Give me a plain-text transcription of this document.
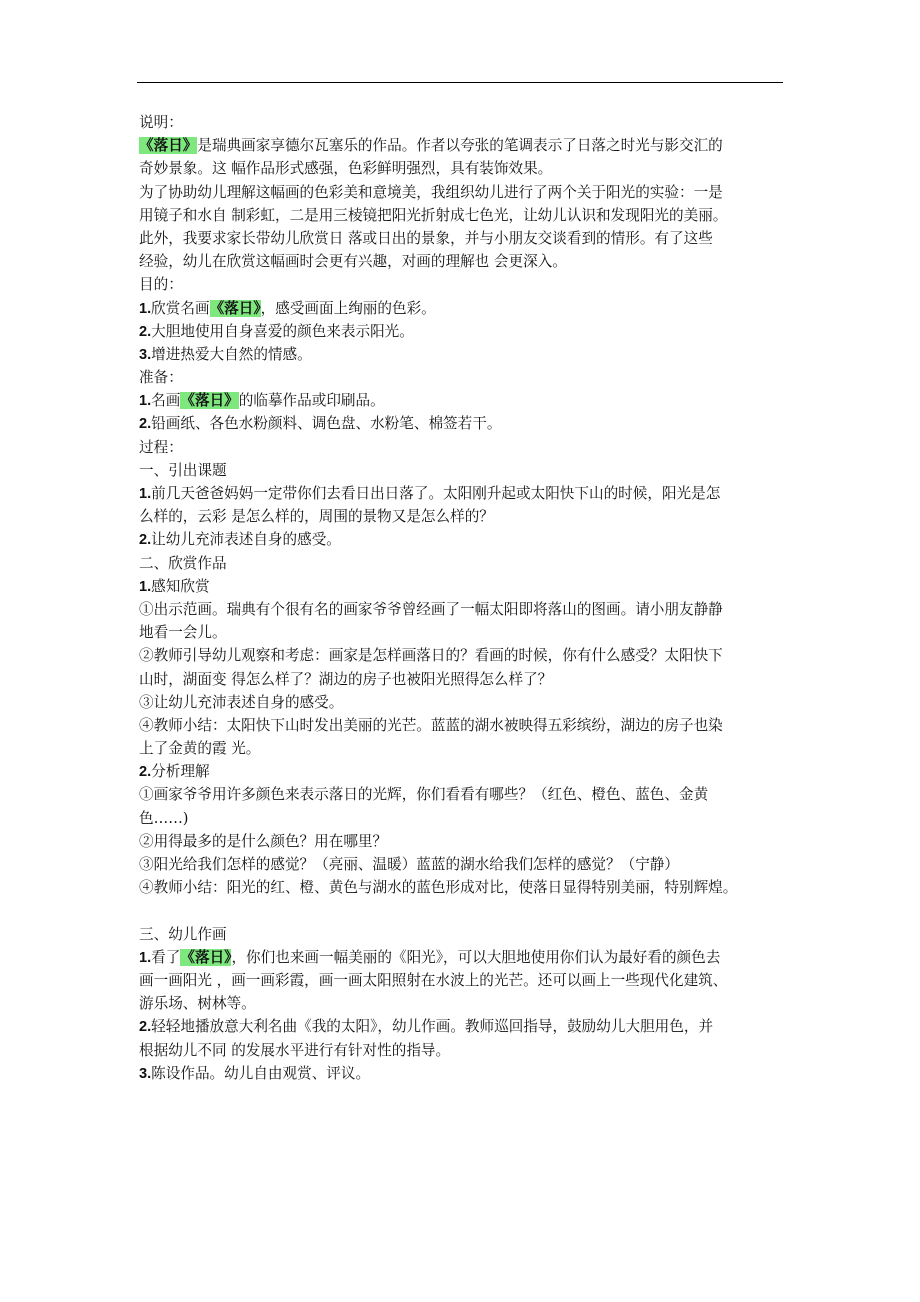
说明：
《落日》是瑞典画家享德尔瓦塞乐的作品。作者以夸张的笔调表示了日落之时光与影交汇的
奇妙景象。这 幅作品形式感强，色彩鲜明强烈，具有装饰效果。
为了协助幼儿理解这幅画的色彩美和意境美，我组织幼儿进行了两个关于阳光的实验：一是
用镜子和水自 制彩虹，二是用三棱镜把阳光折射成七色光，让幼儿认识和发现阳光的美丽。
此外，我要求家长带幼儿欣赏日 落或日出的景象，并与小朋友交谈看到的情形。有了这些
经验，幼儿在欣赏这幅画时会更有兴趣，对画的理解也 会更深入。
目的：
1.欣赏名画《落日》，感受画面上绚丽的色彩。
2.大胆地使用自身喜爱的颜色来表示阳光。
3.增进热爱大自然的情感。
准备：
1.名画《落日》的临摹作品或印刷品。
2.铅画纸、各色水粉颜料、调色盘、水粉笔、棉签若干。
过程：
一、引出课题
1.前几天爸爸妈妈一定带你们去看日出日落了。太阳刚升起或太阳快下山的时候，阳光是怎
么样的，云彩 是怎么样的，周围的景物又是怎么样的？
2.让幼儿充沛表述自身的感受。
二、欣赏作品
1.感知欣赏
①出示范画。瑞典有个很有名的画家爷爷曾经画了一幅太阳即将落山的图画。请小朋友静静
地看一会儿。
②教师引导幼儿观察和考虑：画家是怎样画落日的？看画的时候，你有什么感受？太阳快下
山时，湖面变 得怎么样了？湖边的房子也被阳光照得怎么样了？
③让幼儿充沛表述自身的感受。
④教师小结：太阳快下山时发出美丽的光芒。蓝蓝的湖水被映得五彩缤纷，湖边的房子也染
上了金黄的霞 光。
2.分析理解
①画家爷爷用许多颜色来表示落日的光辉，你们看看有哪些？（红色、橙色、蓝色、金黄
色……)
②用得最多的是什么颜色？用在哪里？
③阳光给我们怎样的感觉？（亮丽、温暖）蓝蓝的湖水给我们怎样的感觉？（宁静）
④教师小结：阳光的红、橙、黄色与湖水的蓝色形成对比，使落日显得特别美丽，特别辉煌。
三、幼儿作画
1.看了《落日》，你们也来画一幅美丽的《阳光》，可以大胆地使用你们认为最好看的颜色去
画一画阳光 ，画一画彩霞，画一画太阳照射在水波上的光芒。还可以画上一些现代化建筑、
游乐场、树林等。
2.轻轻地播放意大利名曲《我的太阳》，幼儿作画。教师巡回指导，鼓励幼儿大胆用色，并
根据幼儿不同 的发展水平进行有针对性的指导。
3.陈设作品。幼儿自由观赏、评议。
